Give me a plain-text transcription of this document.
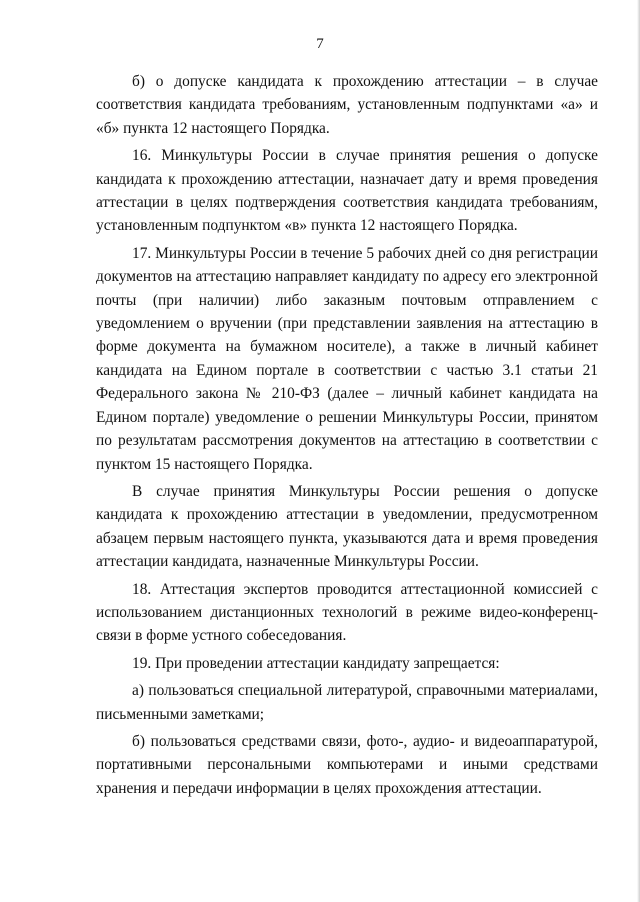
7

б) о допуске кандидата к прохождению аттестации – в случае соответствия кандидата требованиям, установленным подпунктами «а» и «б» пункта 12 настоящего Порядка.

16. Минкультуры России в случае принятия решения о допуске кандидата к прохождению аттестации, назначает дату и время проведения аттестации в целях подтверждения соответствия кандидата требованиям, установленным подпунктом «в» пункта 12 настоящего Порядка.

17. Минкультуры России в течение 5 рабочих дней со дня регистрации документов на аттестацию направляет кандидату по адресу его электронной почты (при наличии) либо заказным почтовым отправлением с уведомлением о вручении (при представлении заявления на аттестацию в форме документа на бумажном носителе), а также в личный кабинет кандидата на Едином портале в соответствии с частью 3.1 статьи 21 Федерального закона № 210-ФЗ (далее – личный кабинет кандидата на Едином портале) уведомление о решении Минкультуры России, принятом по результатам рассмотрения документов на аттестацию в соответствии с пунктом 15 настоящего Порядка.

В случае принятия Минкультуры России решения о допуске кандидата к прохождению аттестации в уведомлении, предусмотренном абзацем первым настоящего пункта, указываются дата и время проведения аттестации кандидата, назначенные Минкультуры России.

18. Аттестация экспертов проводится аттестационной комиссией с использованием дистанционных технологий в режиме видео-конференц-связи в форме устного собеседования.

19. При проведении аттестации кандидату запрещается:

а) пользоваться специальной литературой, справочными материалами, письменными заметками;

б) пользоваться средствами связи, фото-, аудио- и видеоаппаратурой, портативными персональными компьютерами и иными средствами хранения и передачи информации в целях прохождения аттестации.
